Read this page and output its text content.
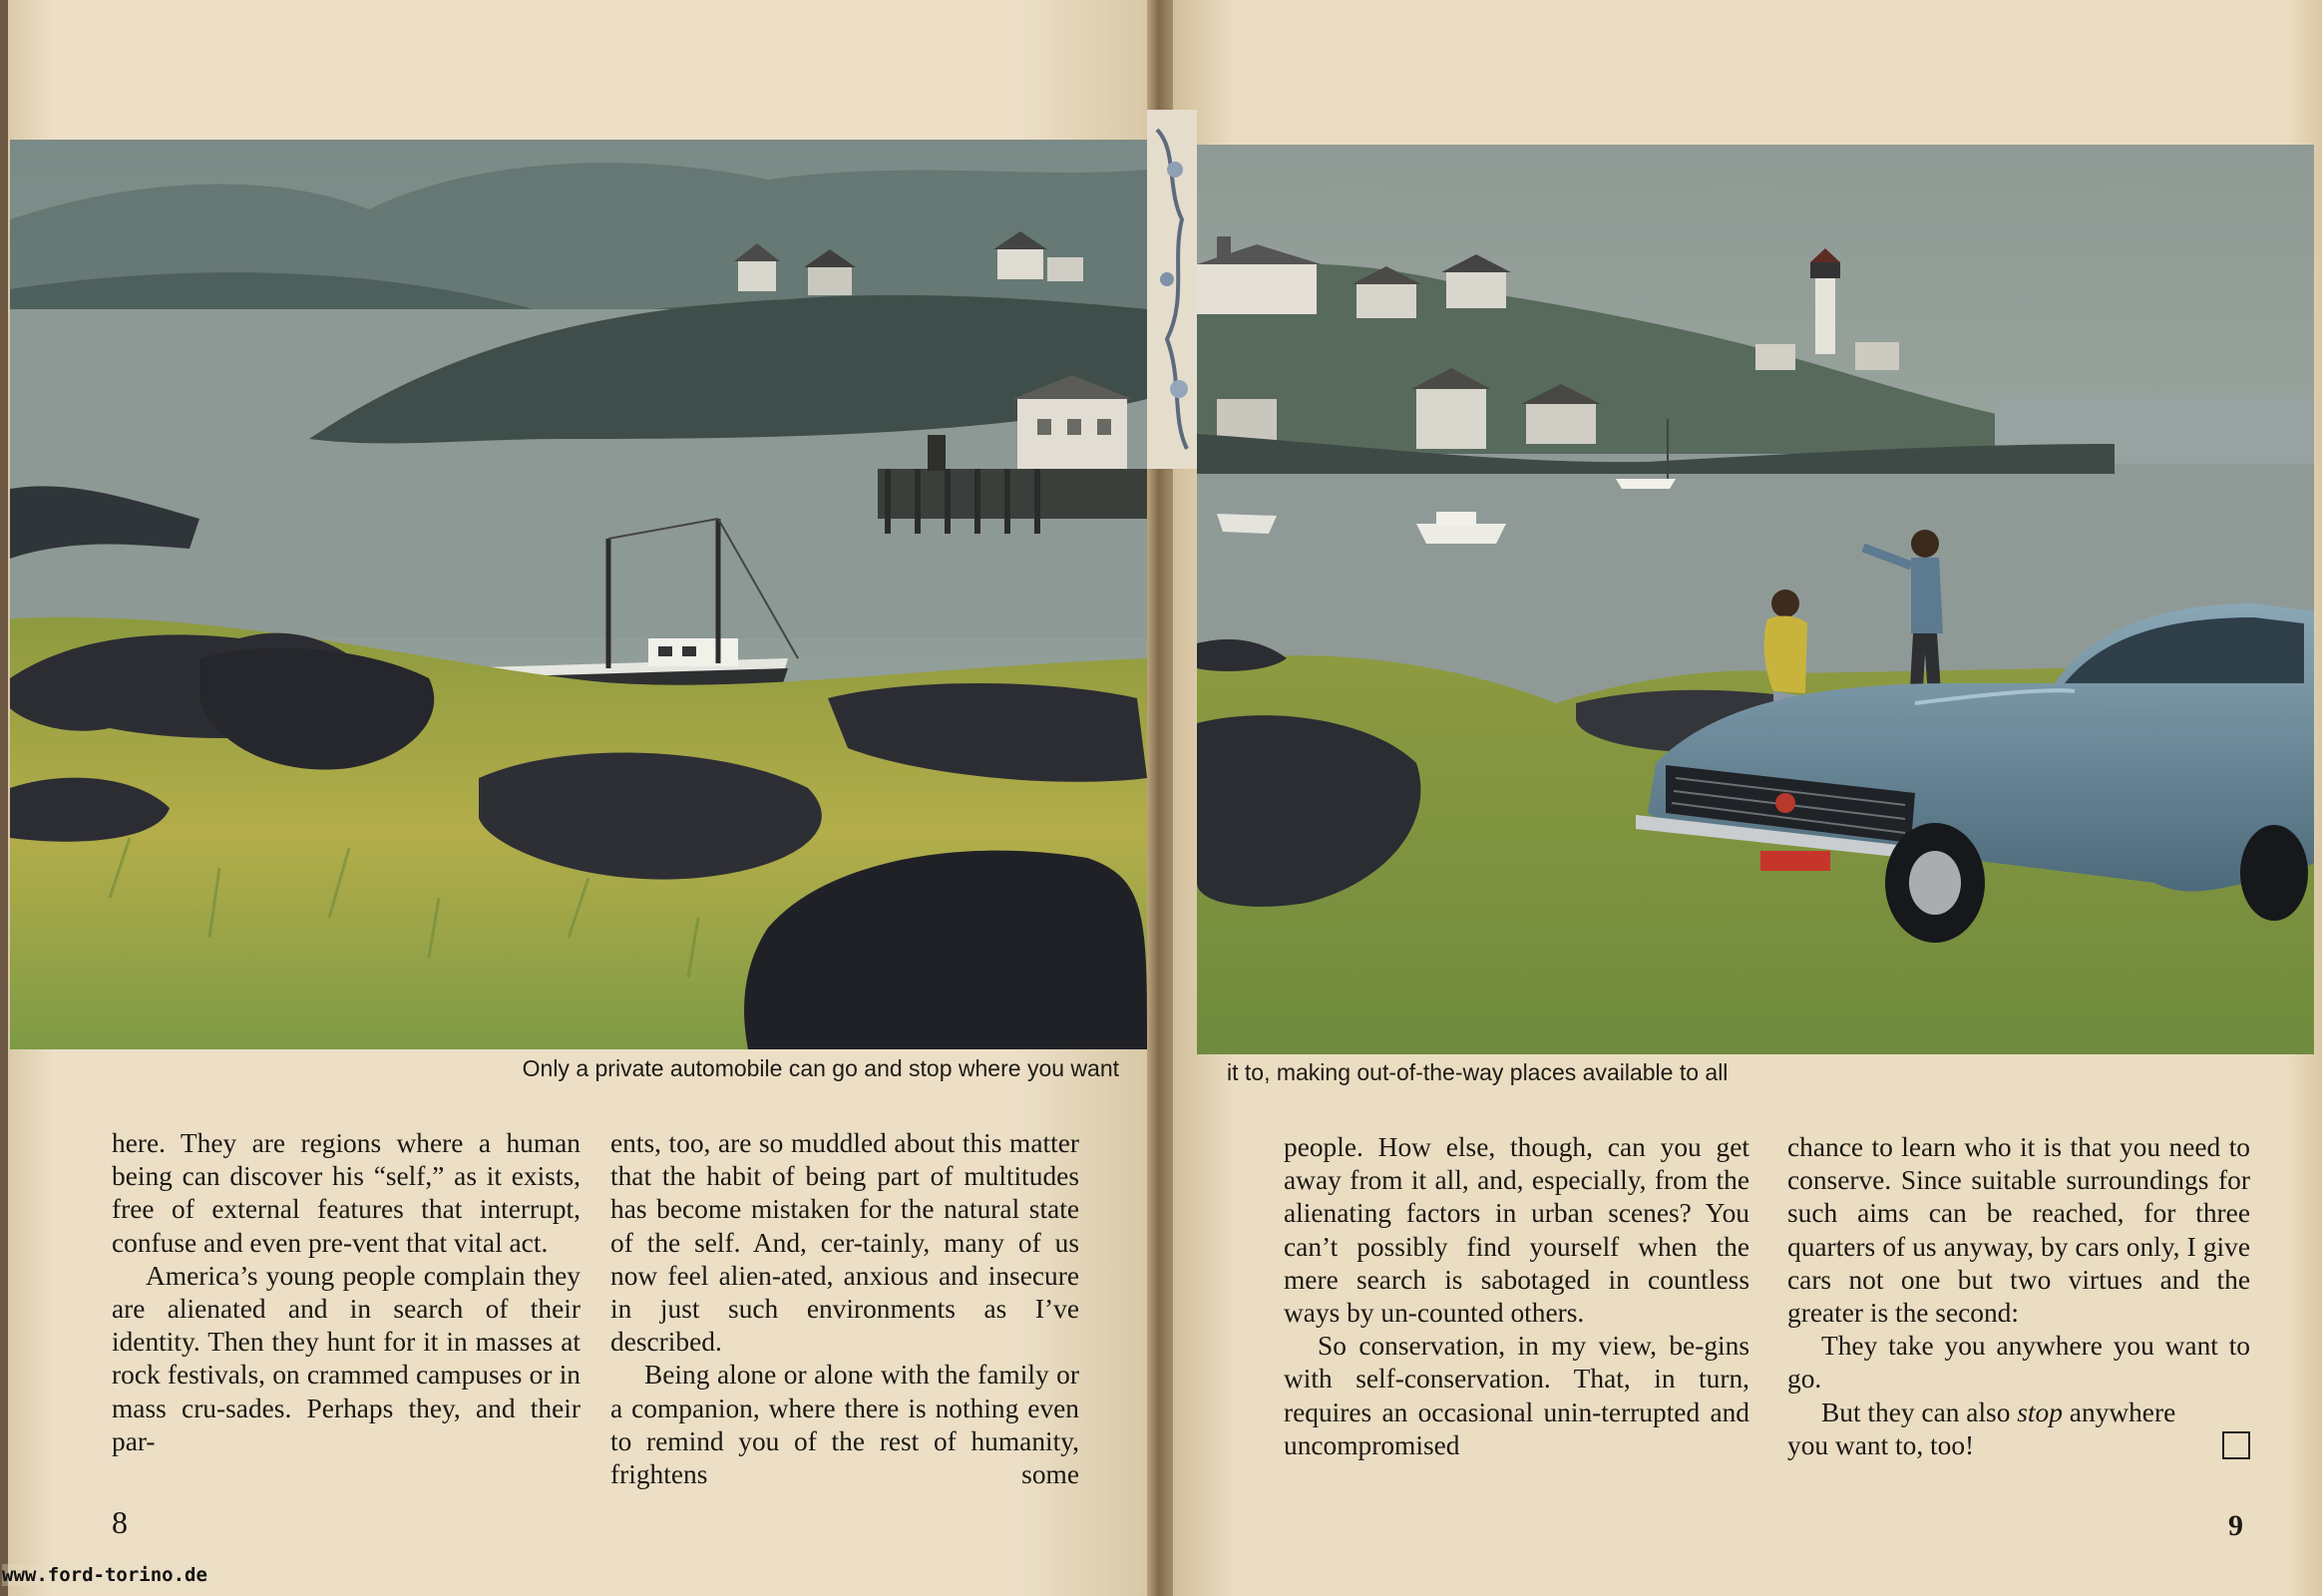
Only a private automobile can go and stop where you want	it to, making out-of-the-way places available to all

here. They are regions where a human being can discover his “self,” as it exists, free of external features that interrupt, confuse and even pre-vent that vital act.

America’s young people complain they are alienated and in search of their identity. Then they hunt for it in masses at rock festivals, on crammed campuses or in mass cru-sades. Perhaps they, and their par-

ents, too, are so muddled about this matter that the habit of being part of multitudes has become mistaken for the natural state of the self. And, cer-tainly, many of us now feel alien-ated, anxious and insecure in just such environments as I’ve described.

Being alone or alone with the family or a companion, where there is nothing even to remind you of the rest of humanity, frightens some

people. How else, though, can you get away from it all, and, especially, from the alienating factors in urban scenes? You can’t possibly find yourself when the mere search is sabotaged in countless ways by un-counted others.

So conservation, in my view, be-gins with self-conservation. That, in turn, requires an occasional unin-terrupted and uncompromised

chance to learn who it is that you need to conserve. Since suitable surroundings for such aims can be reached, for three quarters of us anyway, by cars only, I give cars not one but two virtues and the greater is the second:

They take you anywhere you want to go.

But they can also stop anywhere

you want to, too!
8	9
www.ford-torino.de
